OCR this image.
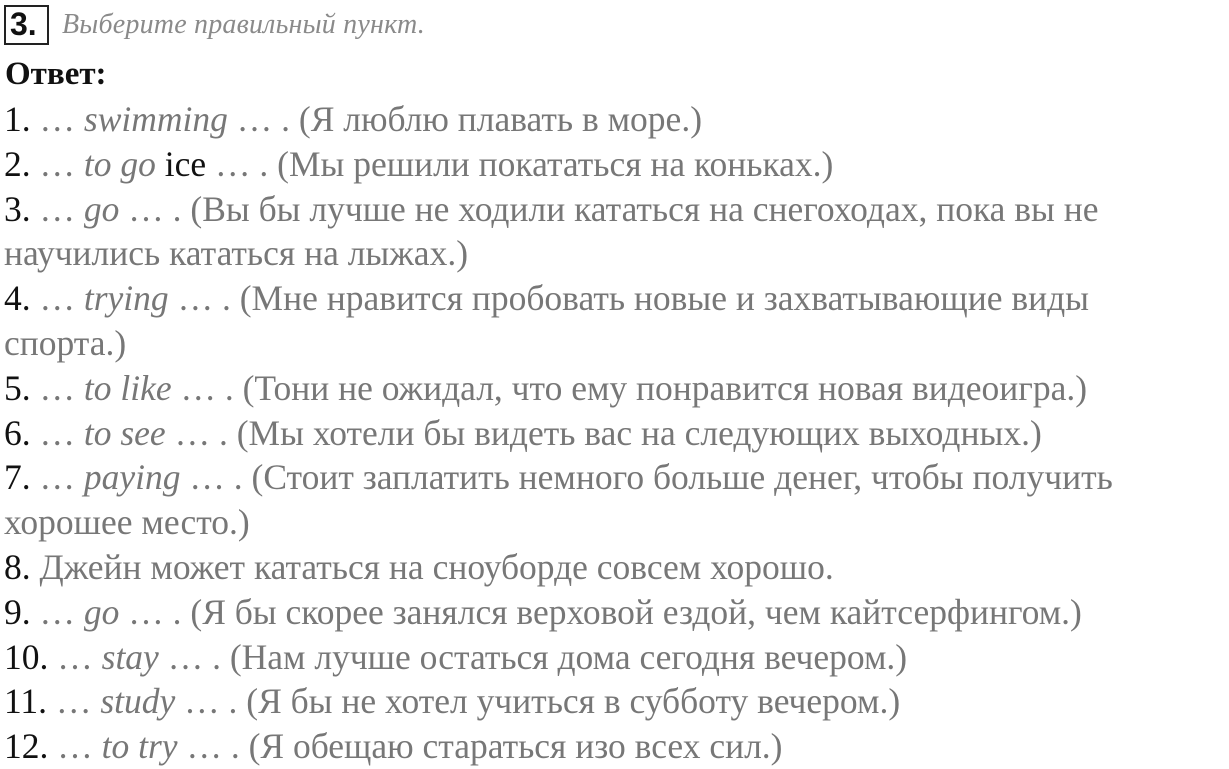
3. Выберите правильный пункт.
Ответ:
1. … swimming … . (Я люблю плавать в море.)
2. … to go ice … . (Мы решили покататься на коньках.)
3. … go … . (Вы бы лучше не ходили кататься на снегоходах, пока вы не
научились кататься на лыжах.)
4. … trying … . (Мне нравится пробовать новые и захватывающие виды
спорта.)
5. … to like … . (Тони не ожидал, что ему понравится новая видеоигра.)
6. … to see … . (Мы хотели бы видеть вас на следующих выходных.)
7. … paying … . (Стоит заплатить немного больше денег, чтобы получить
хорошее место.)
8. Джейн может кататься на сноуборде совсем хорошо.
9. … go … . (Я бы скорее занялся верховой ездой, чем кайтсерфингом.)
10. … stay … . (Нам лучше остаться дома сегодня вечером.)
11. … study … . (Я бы не хотел учиться в субботу вечером.)
12. … to try … . (Я обещаю стараться изо всех сил.)
